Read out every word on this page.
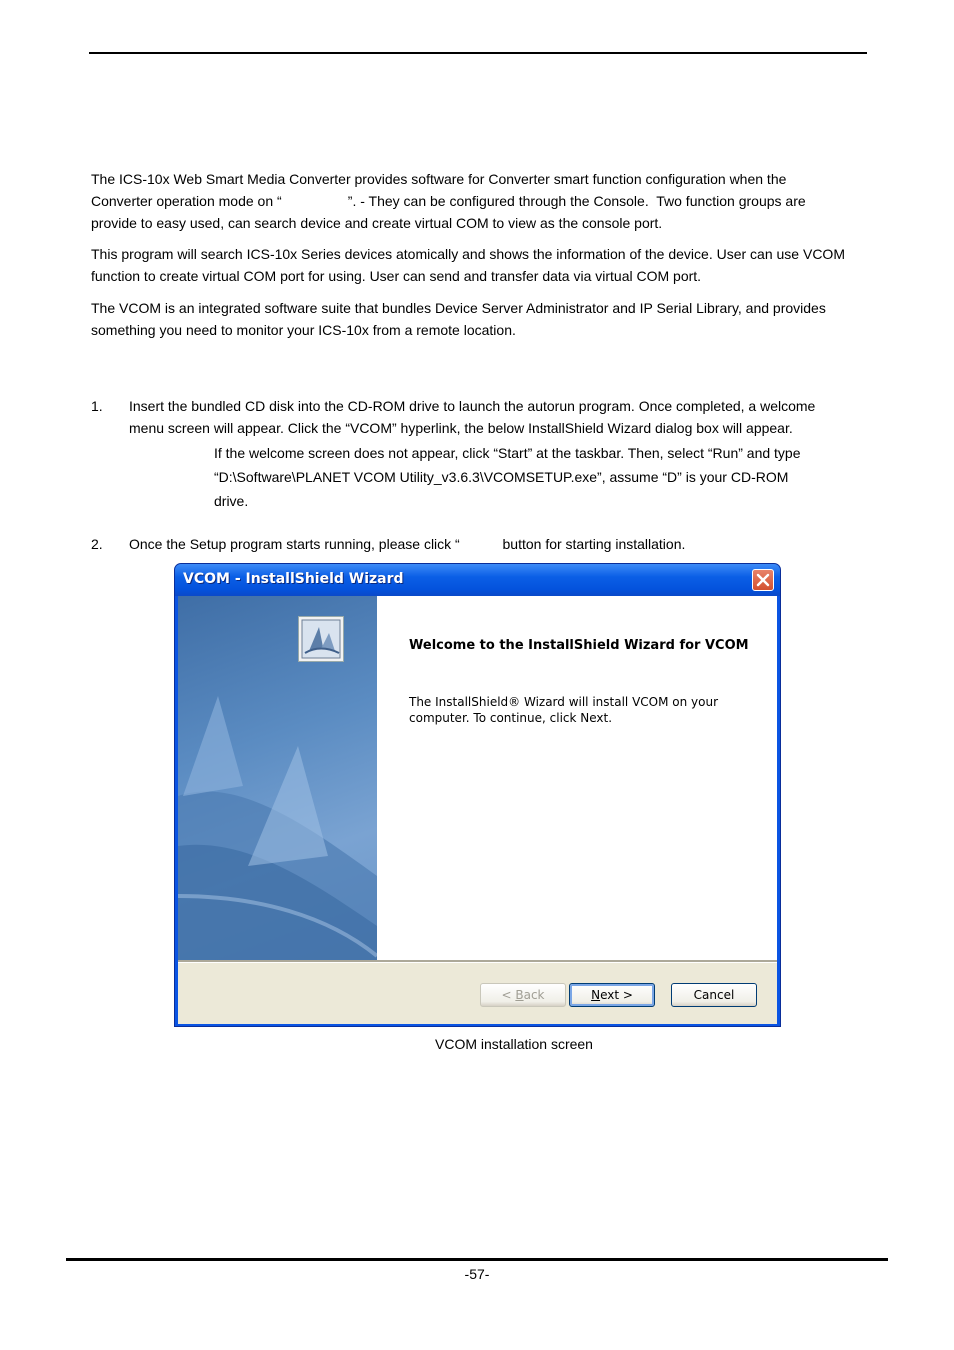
The ICS-10x Web Smart Media Converter provides software for Converter smart function configuration when the
Converter operation mode on “                 ”. - They can be configured through the Console.  Two function groups are
provide to easy used, can search device and create virtual COM to view as the console port.

This program will search ICS-10x Series devices atomically and shows the information of the device. User can use VCOM
function to create virtual COM port for using. User can send and transfer data via virtual COM port.

The VCOM is an integrated software suite that bundles Device Server Administrator and IP Serial Library, and provides
something you need to monitor your ICS-10x from a remote location.

1. Insert the bundled CD disk into the CD-ROM drive to launch the autorun program. Once completed, a welcome
menu screen will appear. Click the “VCOM” hyperlink, the below InstallShield Wizard dialog box will appear.
If the welcome screen does not appear, click “Start” at the taskbar. Then, select “Run” and type
“D:\Software\PLANET VCOM Utility_v3.6.3\VCOMSETUP.exe”, assume “D” is your CD-ROM
drive.
2. Once the Setup program starts running, please click “           button for starting installation.
VCOM - InstallShield Wizard
Welcome to the InstallShield Wizard for VCOM
The InstallShield® Wizard will install VCOM on your
computer. To continue, click Next.
< Back	Next >	Cancel
VCOM installation screen
-57-
